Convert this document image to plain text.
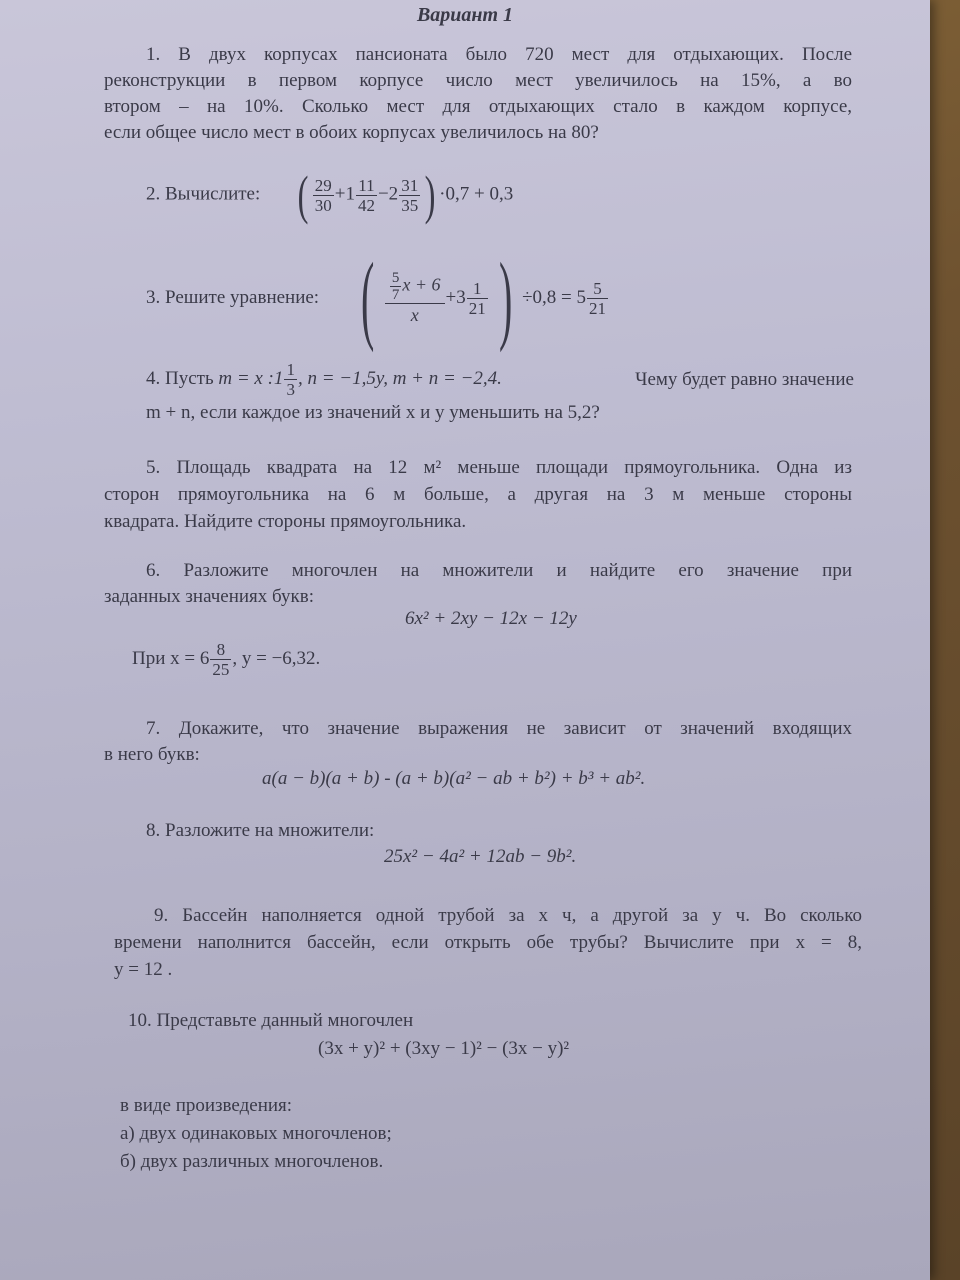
Вариант 1
1. В двух корпусах пансионата было 720 мест для отдыхающих. После
реконструкции в первом корпусе число мест увеличилось на 15%, а во
втором – на 10%. Сколько мест для отдыхающих стало в каждом корпусе,
если общее число мест в обоих корпусах увеличилось на 80?
2. Вычислите: ( $\frac{29}{30} +1 \frac{11}{42} -2 \frac{31}{35}$ ) ·0,7 + 0,3
3. Решите уравнение: ( $\frac{\frac{5}{7} x + 6}{x} +3 \frac{1}{21}$ ) $\div 0,8 = 5 \frac{5}{21}$
4. Пусть m = x :1 $\frac{1}{3}$ , n = −1,5y, m + n = −2,4.	Чему будет равно значение
m + n, если каждое из значений x и y уменьшить на 5,2?
5. Площадь квадрата на 12 м² меньше площади прямоугольника. Одна из
сторон прямоугольника на 6 м больше, а другая на 3 м меньше стороны
квадрата. Найдите стороны прямоугольника.
6. Разложите многочлен на множители и найдите его значение при
заданных значениях букв:
6x² + 2xy − 12x − 12y
При $x = 6 \frac{8}{25}$ , y = −6,32.
7. Докажите, что значение выражения не зависит от значений входящих
в него букв:
a(a − b)(a + b) - (a + b)(a² − ab + b²) + b³ + ab².
8. Разложите на множители:
25x² − 4a² + 12ab − 9b².
9. Бассейн наполняется одной трубой за x ч, а другой за y ч. Во сколько
времени наполнится бассейн, если открыть обе трубы? Вычислите при x = 8,
y = 12 .
10. Представьте данный многочлен
(3x + y)² + (3xy − 1)² − (3x − y)²
в виде произведения:
а) двух одинаковых многочленов;
б) двух различных многочленов.
